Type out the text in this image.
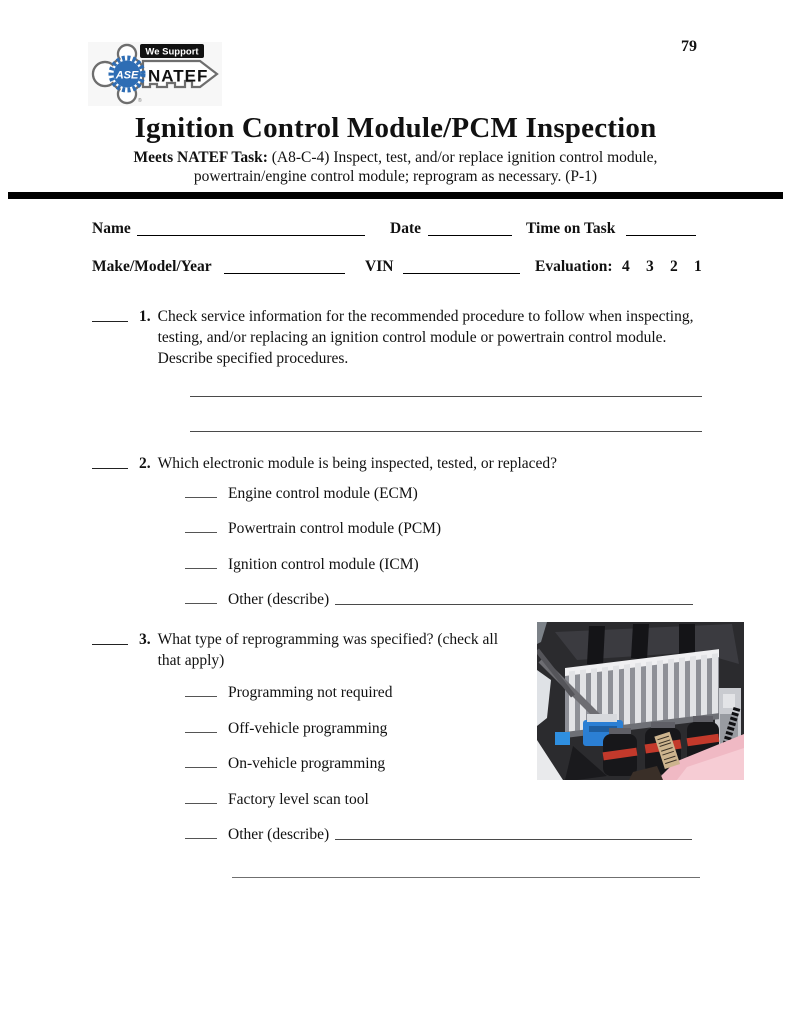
79
ASE
We Support
NATEF
®
Ignition Control Module/PCM Inspection
Meets NATEF Task: (A8-C-4) Inspect, test, and/or replace ignition control module,
powertrain/engine control module; reprogram as necessary. (P-1)
Name	Date	Time on Task
Make/Model/Year	VIN	Evaluation: 4 3 2 1
1. Check service information for the recommended procedure to follow when inspecting, testing, and/or replacing an ignition control module or powertrain control module. Describe specified procedures.
2. Which electronic module is being inspected, tested, or replaced?
Engine control module (ECM)
Powertrain control module (PCM)
Ignition control module (ICM)
Other (describe)
3. What type of reprogramming was specified? (check all that apply)
Programming not required
Off-vehicle programming
On-vehicle programming
Factory level scan tool
Other (describe)
